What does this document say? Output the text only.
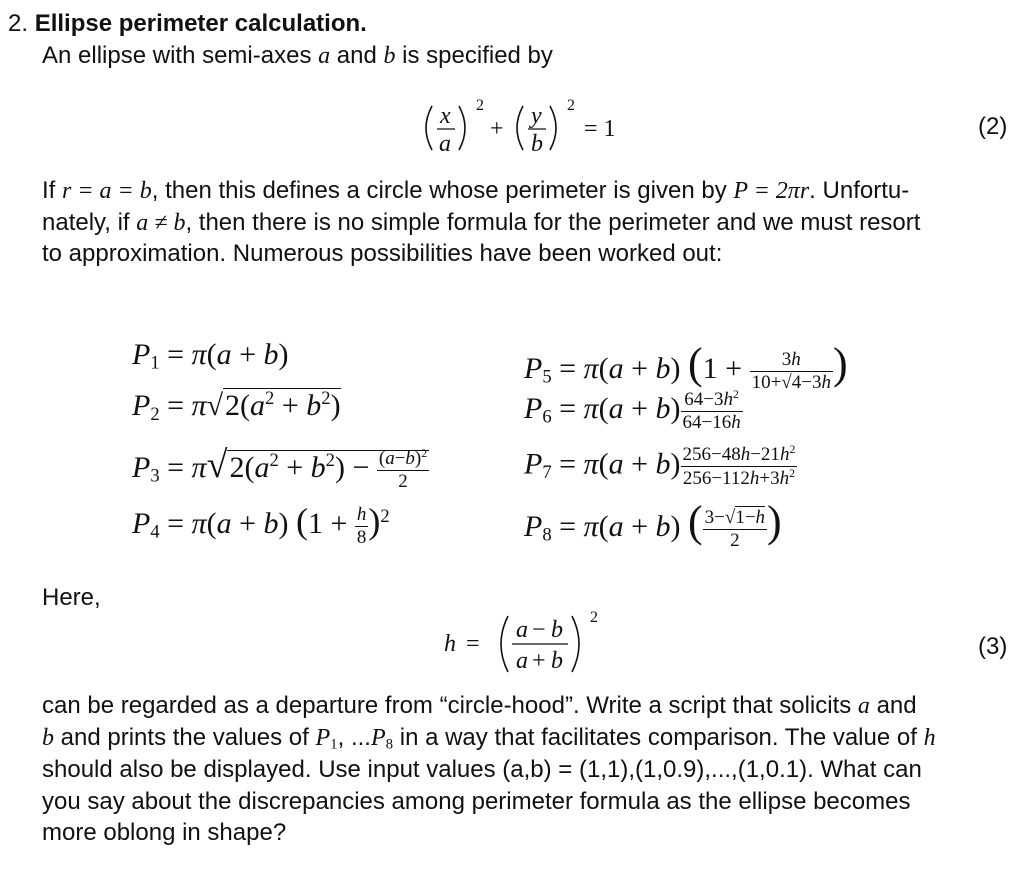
2. Ellipse perimeter calculation.
An ellipse with semi-axes a and b is specified by
x
a
2
+ y
b
2
= 1	(2)
If r = a = b, then this defines a circle whose perimeter is given by P = 2πr. Unfortu-
nately, if a ≠ b, then there is no simple formula for the perimeter and we must resort
to approximation. Numerous possibilities have been worked out:
$P_1 = \pi(a + b)$
$P_2 = \pi√2(a^2 + b^2)$
$P_3 = \pi√2(a^2 + b^2) - \frac{(a-b)^2}{2}$
$P_4 = \pi(a + b) (1 + \frac{h}{8} )^2$
$P_5 = \pi(a + b) (1 + \frac{3h}{10+√4-3h}$ )
$P_6 = \pi(a + b) \frac{64-3h^2}{64-16h}$
$P_7 = \pi(a + b) \frac{256-48h-21h^2}{256-112h+3h^2}$
$P_8 = \pi(a + b)$ ( $\frac{3-√1-h}{2}$ )
Here,
h =
a − b
a + b
2
(3)
can be regarded as a departure from “circle-hood”. Write a script that solicits a and
b and prints the values of $P_1$, $...P_8$ in a way that facilitates comparison. The value of h
should also be displayed. Use input values (a,b) = (1,1),(1,0.9),...,(1,0.1). What can
you say about the discrepancies among perimeter formula as the ellipse becomes
more oblong in shape?
